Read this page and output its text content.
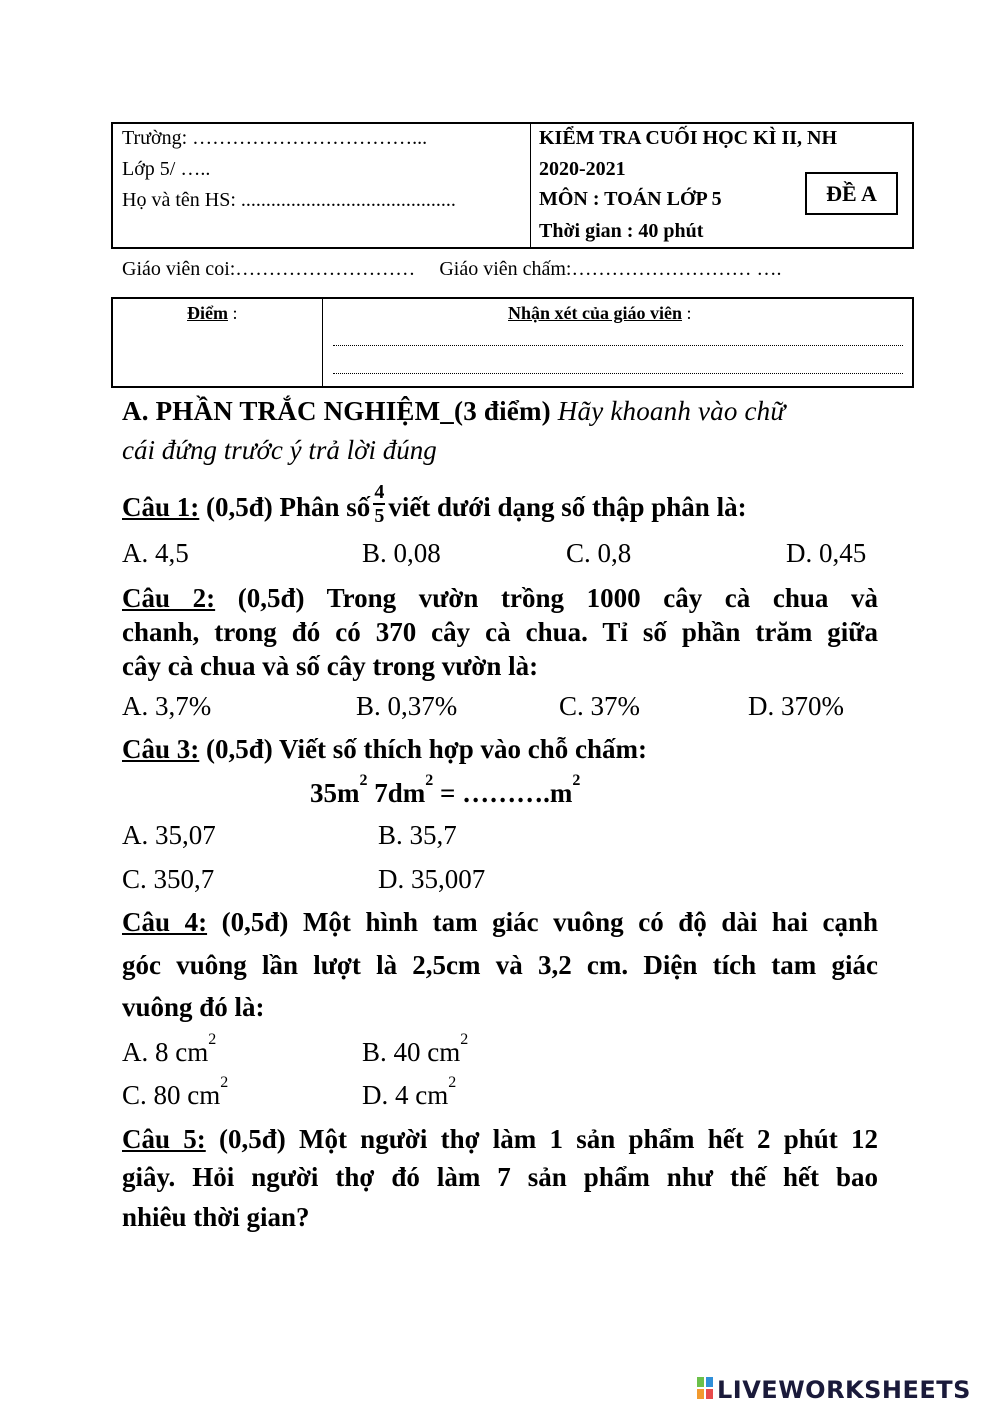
Trường: ……………………………...
Lớp 5/ …..
Họ và tên HS: ...........................................
KIỂM TRA CUỐI HỌC KÌ II, NH
2020-2021
MÔN : TOÁN LỚP 5
Thời gian : 40 phút
ĐỀ A
Giáo viên coi:……………………… Giáo viên chấm:……………………… ….
Điểm :	Nhận xét của giáo viên :
A. PHẦN TRẮC NGHIỆM_(3 điểm) Hãy khoanh vào chữ
cái đứng trước ý trả lời đúng
Câu 1: (0,5đ) Phân số $\frac{4}{5}$ viết dưới dạng số thập phân là:
A. 4,5	B. 0,08	C. 0,8	D. 0,45
Câu 2: (0,5đ) Trong vườn trồng 1000 cây cà chua và
chanh, trong đó có 370 cây cà chua. Tỉ số phần trăm giữa
cây cà chua và số cây trong vườn là:
A. 3,7%	B. 0,37%	C. 37%	D. 370%
Câu 3: (0,5đ) Viết số thích hợp vào chỗ chấm:
$35m^2$ $7dm^2$ = $\dots\dots\dots.m^2$
A. 35,07	B. 35,7
C. 350,7	D. 35,007
Câu 4: (0,5đ) Một hình tam giác vuông có độ dài hai cạnh
góc vuông lần lượt là 2,5cm và 3,2 cm. Diện tích tam giác
vuông đó là:
A. 8 $cm^2$	B. 40 $cm^2$
C. 80 $cm^2$	D. 4 $cm^2$
Câu 5: (0,5đ) Một người thợ làm 1 sản phẩm hết 2 phút 12
giây. Hỏi người thợ đó làm 7 sản phẩm như thế hết bao
nhiêu thời gian?
LIVEWORKSHEETS
